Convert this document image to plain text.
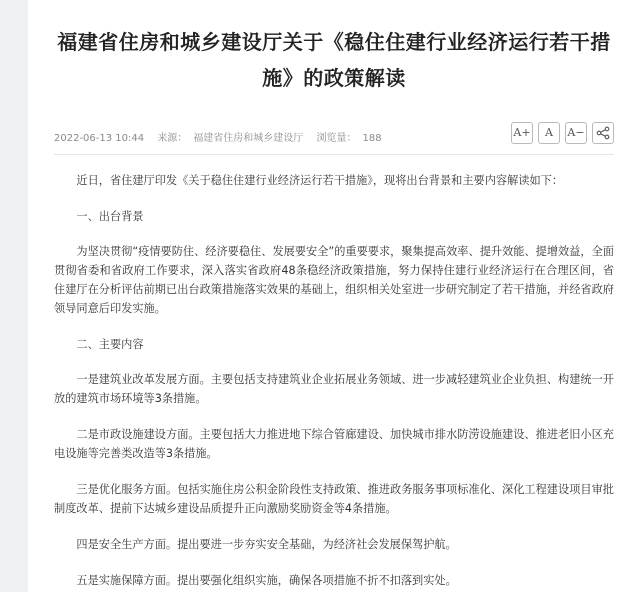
福建省住房和城乡建设厅关于《稳住住建行业经济运行若干措施》的政策解读
2022-06-13 10:44 来源： 福建省住房和城乡建设厅 浏览量： 188	A+	A	A−

近日，省住建厅印发《关于稳住住建行业经济运行若干措施》，现将出台背景和主要内容解读如下：

一、出台背景

为坚决贯彻“疫情要防住、经济要稳住、发展要安全”的重要要求，聚集提高效率、提升效能、提增效益，全面贯彻省委和省政府工作要求，深入落实省政府48条稳经济政策措施，努力保持住建行业经济运行在合理区间，省住建厅在分析评估前期已出台政策措施落实效果的基础上，组织相关处室进一步研究制定了若干措施，并经省政府领导同意后印发实施。

二、主要内容

一是建筑业改革发展方面。主要包括支持建筑业企业拓展业务领域、进一步减轻建筑业企业负担、构建统一开放的建筑市场环境等3条措施。

二是市政设施建设方面。主要包括大力推进地下综合管廊建设、加快城市排水防涝设施建设、推进老旧小区充电设施等完善类改造等3条措施。

三是优化服务方面。包括实施住房公积金阶段性支持政策、推进政务服务事项标准化、深化工程建设项目审批制度改革、提前下达城乡建设品质提升正向激励奖励资金等4条措施。

四是安全生产方面。提出要进一步夯实安全基础，为经济社会发展保驾护航。

五是实施保障方面。提出要强化组织实施，确保各项措施不折不扣落到实处。
